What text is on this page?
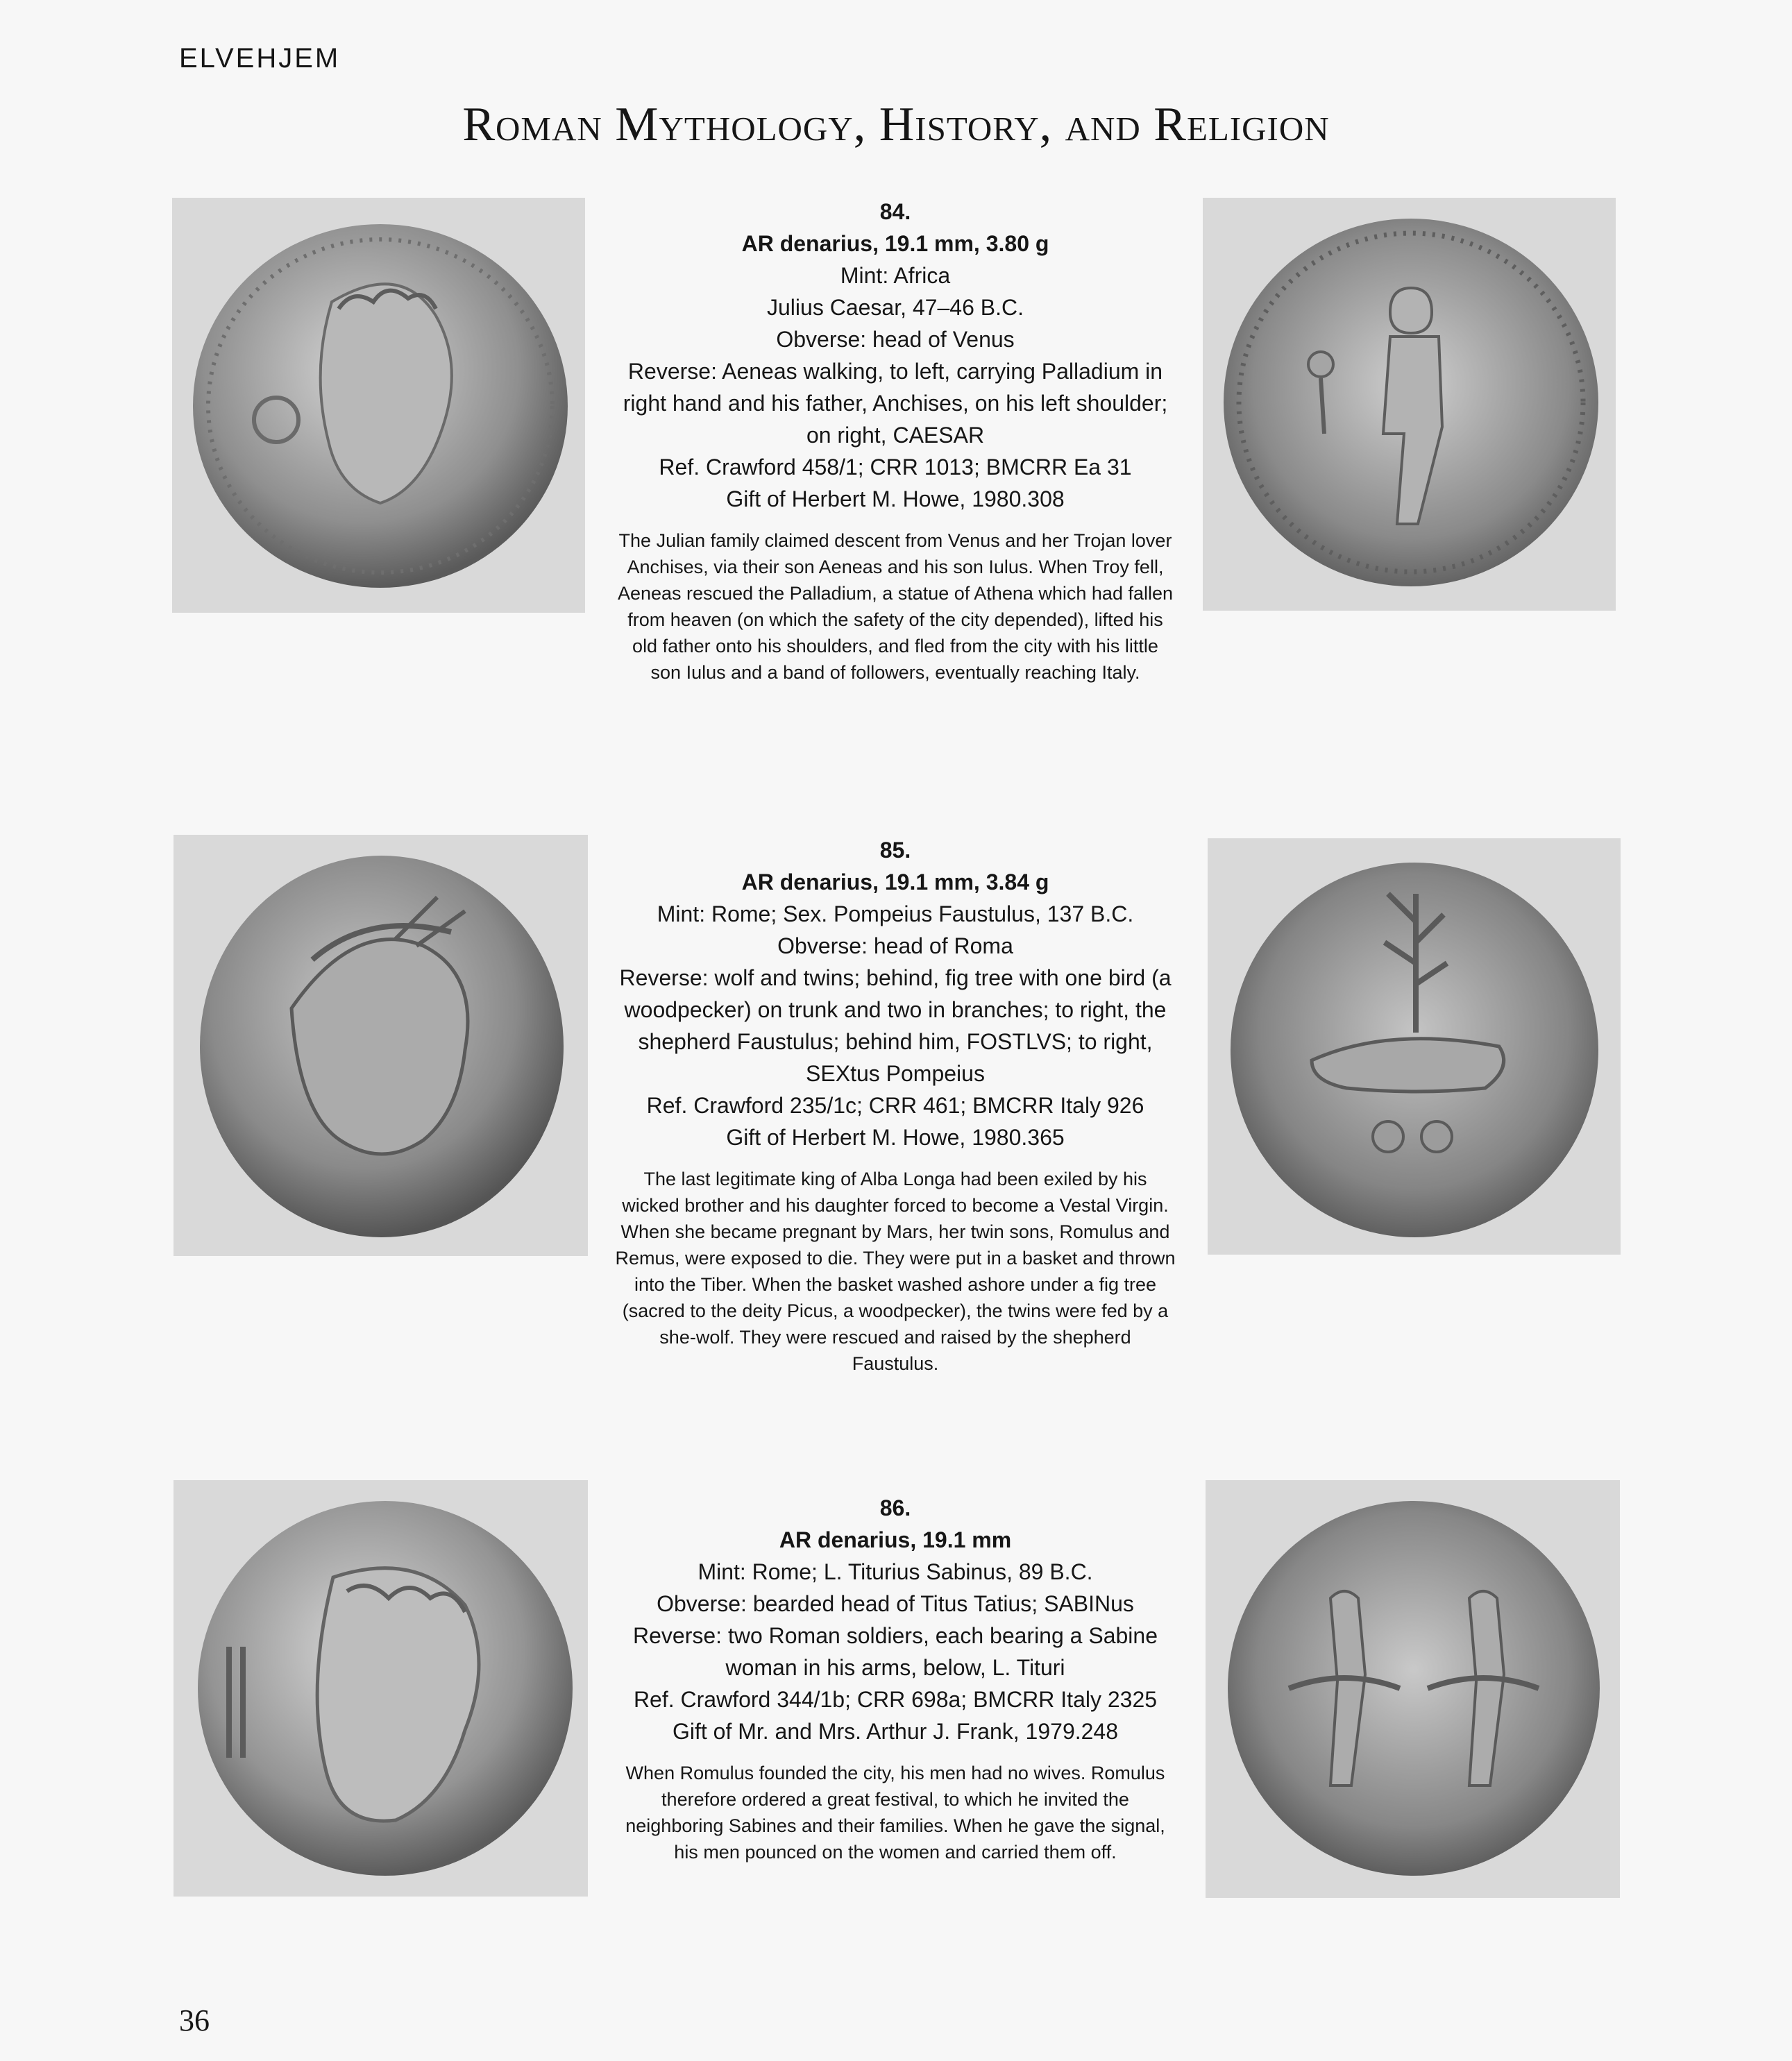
ELVEHJEM
Roman Mythology, History, and Religion
84.
AR denarius, 19.1 mm, 3.80 g
Mint: Africa
Julius Caesar, 47–46 B.C.
Obverse: head of Venus
Reverse: Aeneas walking, to left, carrying Palladium in right hand and his father, Anchises, on his left shoulder; on right, CAESAR
Ref. Crawford 458/1; CRR 1013; BMCRR Ea 31
Gift of Herbert M. Howe, 1980.308
The Julian family claimed descent from Venus and her Trojan lover Anchises, via their son Aeneas and his son Iulus. When Troy fell, Aeneas rescued the Palladium, a statue of Athena which had fallen from heaven (on which the safety of the city depended), lifted his old father onto his shoulders, and fled from the city with his little son Iulus and a band of followers, eventually reaching Italy.
85.
AR denarius, 19.1 mm, 3.84 g
Mint: Rome; Sex. Pompeius Faustulus, 137 B.C.
Obverse: head of Roma
Reverse: wolf and twins; behind, fig tree with one bird (a woodpecker) on trunk and two in branches; to right, the shepherd Faustulus; behind him, FOSTLVS; to right, SEXtus Pompeius
Ref. Crawford 235/1c; CRR 461; BMCRR Italy 926
Gift of Herbert M. Howe, 1980.365
The last legitimate king of Alba Longa had been exiled by his wicked brother and his daughter forced to become a Vestal Virgin. When she became pregnant by Mars, her twin sons, Romulus and Remus, were exposed to die. They were put in a basket and thrown into the Tiber. When the basket washed ashore under a fig tree (sacred to the deity Picus, a woodpecker), the twins were fed by a she-wolf. They were rescued and raised by the shepherd Faustulus.
86.
AR denarius, 19.1 mm
Mint: Rome; L. Titurius Sabinus, 89 B.C.
Obverse: bearded head of Titus Tatius; SABINus
Reverse: two Roman soldiers, each bearing a Sabine woman in his arms, below, L. Tituri
Ref. Crawford 344/1b; CRR 698a; BMCRR Italy 2325
Gift of Mr. and Mrs. Arthur J. Frank, 1979.248
When Romulus founded the city, his men had no wives. Romulus therefore ordered a great festival, to which he invited the neighboring Sabines and their families. When he gave the signal, his men pounced on the women and carried them off.
36
